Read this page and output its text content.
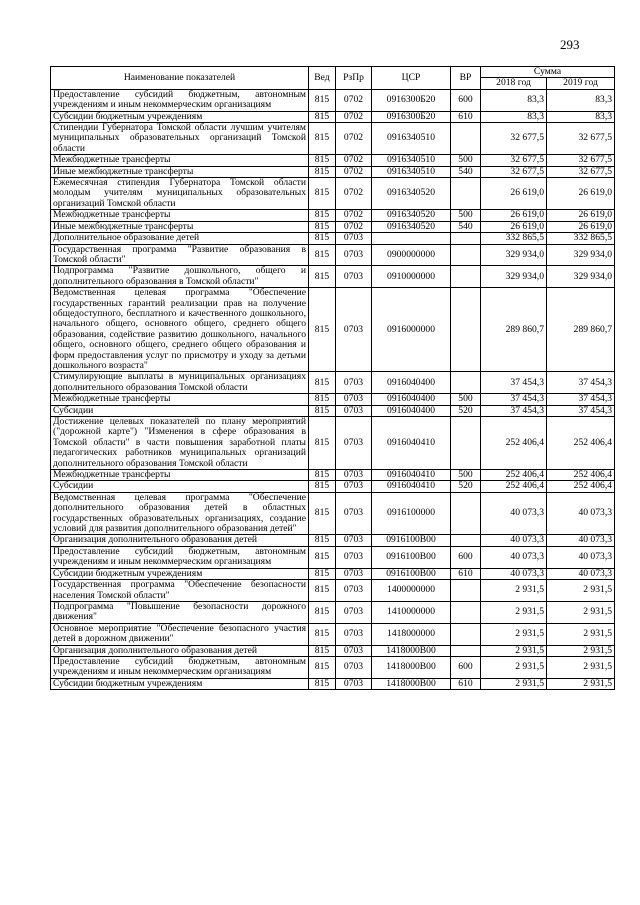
293
Наименование показателей	Вед	РзПр	ЦСР	ВР	Сумма	
					2018 год	2019 год
Предоставление субсидий бюджетным, автономным учреждениям и иным некоммерческим организациям	815	0702	0916300Б20	600	83,3	83,3
Субсидии бюджетным учреждениям	815	0702	0916300Б20	610	83,3	83,3
Стипендии Губернатора Томской области лучшим учителям муниципальных образовательных организаций Томской области	815	0702	0916340510		32 677,5	32 677,5
Межбюджетные трансферты	815	0702	0916340510	500	32 677,5	32 677,5
Иные межбюджетные трансферты	815	0702	0916340510	540	32 677,5	32 677,5
Ежемесячная стипендия Губернатора Томской области молодым учителям муниципальных образовательных организаций Томской области	815	0702	0916340520		26 619,0	26 619,0
Межбюджетные трансферты	815	0702	0916340520	500	26 619,0	26 619,0
Иные межбюджетные трансферты	815	0702	0916340520	540	26 619,0	26 619,0
Дополнительное образование детей	815	0703			332 865,5	332 865,5
Государственная программа "Развитие образования в Томской области"	815	0703	0900000000		329 934,0	329 934,0
Подпрограмма "Развитие дошкольного, общего и дополнительного образования в Томской области"	815	0703	0910000000		329 934,0	329 934,0
Ведомственная целевая программа "Обеспечение государственных гарантий реализации прав на получение общедоступного, бесплатного и качественного дошкольного, начального общего, основного общего, среднего общего образования, содействие развитию дошкольного, начального общего, основного общего, среднего общего образования и форм предоставления услуг по присмотру и уходу за детьми дошкольного возраста"	815	0703	0916000000		289 860,7	289 860,7
Стимулирующие выплаты в муниципальных организациях дополнительного образования Томской области	815	0703	0916040400		37 454,3	37 454,3
Межбюджетные трансферты	815	0703	0916040400	500	37 454,3	37 454,3
Субсидии	815	0703	0916040400	520	37 454,3	37 454,3
Достижение целевых показателей по плану мероприятий ("дорожной карте") "Изменения в сфере образования в Томской области" в части повышения заработной платы педагогических работников муниципальных организаций дополнительного образования Томской области	815	0703	0916040410		252 406,4	252 406,4
Межбюджетные трансферты	815	0703	0916040410	500	252 406,4	252 406,4
Субсидии	815	0703	0916040410	520	252 406,4	252 406,4
Ведомственная целевая программа "Обеспечение дополнительного образования детей в областных государственных образовательных организациях, создание условий для развития дополнительного образования детей"	815	0703	0916100000		40 073,3	40 073,3
Организация дополнительного образования детей	815	0703	0916100В00		40 073,3	40 073,3
Предоставление субсидий бюджетным, автономным учреждениям и иным некоммерческим организациям	815	0703	0916100В00	600	40 073,3	40 073,3
Субсидии бюджетным учреждениям	815	0703	0916100В00	610	40 073,3	40 073,3
Государственная программа "Обеспечение безопасности населения Томской области"	815	0703	1400000000		2 931,5	2 931,5
Подпрограмма "Повышение безопасности дорожного движения"	815	0703	1410000000		2 931,5	2 931,5
Основное мероприятие "Обеспечение безопасного участия детей в дорожном движении"	815	0703	1418000000		2 931,5	2 931,5
Организация дополнительного образования детей	815	0703	1418000В00		2 931,5	2 931,5
Предоставление субсидий бюджетным, автономным учреждениям и иным некоммерческим организациям	815	0703	1418000В00	600	2 931,5	2 931,5
Субсидии бюджетным учреждениям	815	0703	1418000В00	610	2 931,5	2 931,5
